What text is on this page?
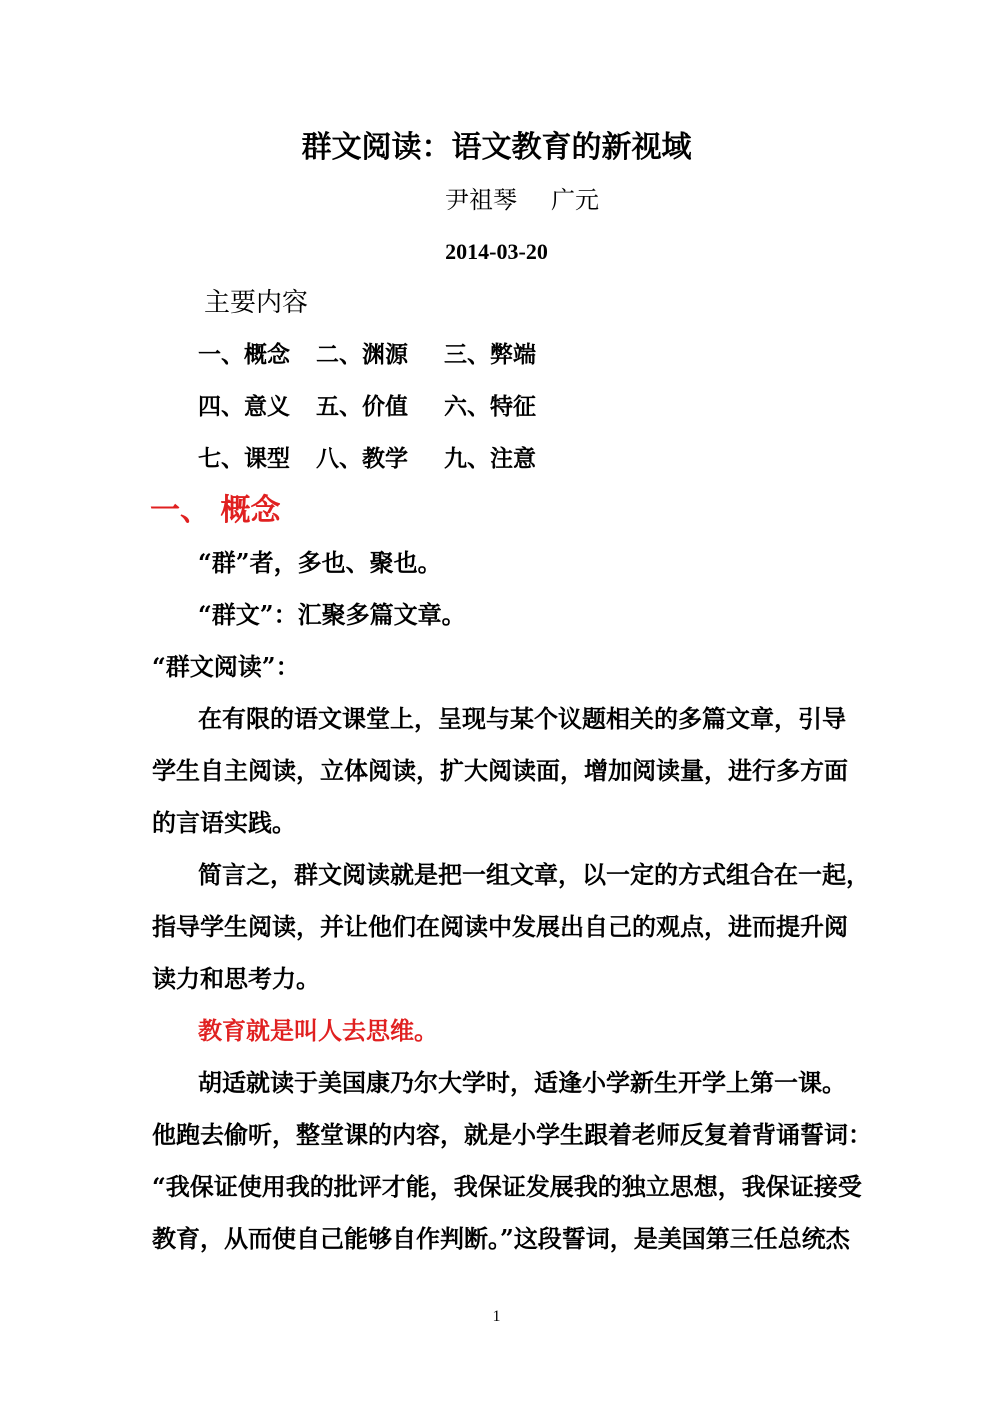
群文阅读：语文教育的新视域
尹祖琴 广元
2014-03-20
主要内容
一、概念 二、渊源 三、弊端
四、意义 五、价值 六、特征
七、课型 八、教学 九、注意
一、 概念
“群”者，多也、聚也。
“群文”：汇聚多篇文章。
“群文阅读”：
在有限的语文课堂上，呈现与某个议题相关的多篇文章，引导
学生自主阅读，立体阅读，扩大阅读面，增加阅读量，进行多方面
的言语实践。
简言之，群文阅读就是把一组文章，以一定的方式组合在一起，
指导学生阅读，并让他们在阅读中发展出自己的观点，进而提升阅
读力和思考力。
教育就是叫人去思维。
胡适就读于美国康乃尔大学时，适逢小学新生开学上第一课。
他跑去偷听，整堂课的内容，就是小学生跟着老师反复着背诵誓词：
“我保证使用我的批评才能，我保证发展我的独立思想，我保证接受
教育，从而使自己能够自作判断。”这段誓词，是美国第三任总统杰
1
